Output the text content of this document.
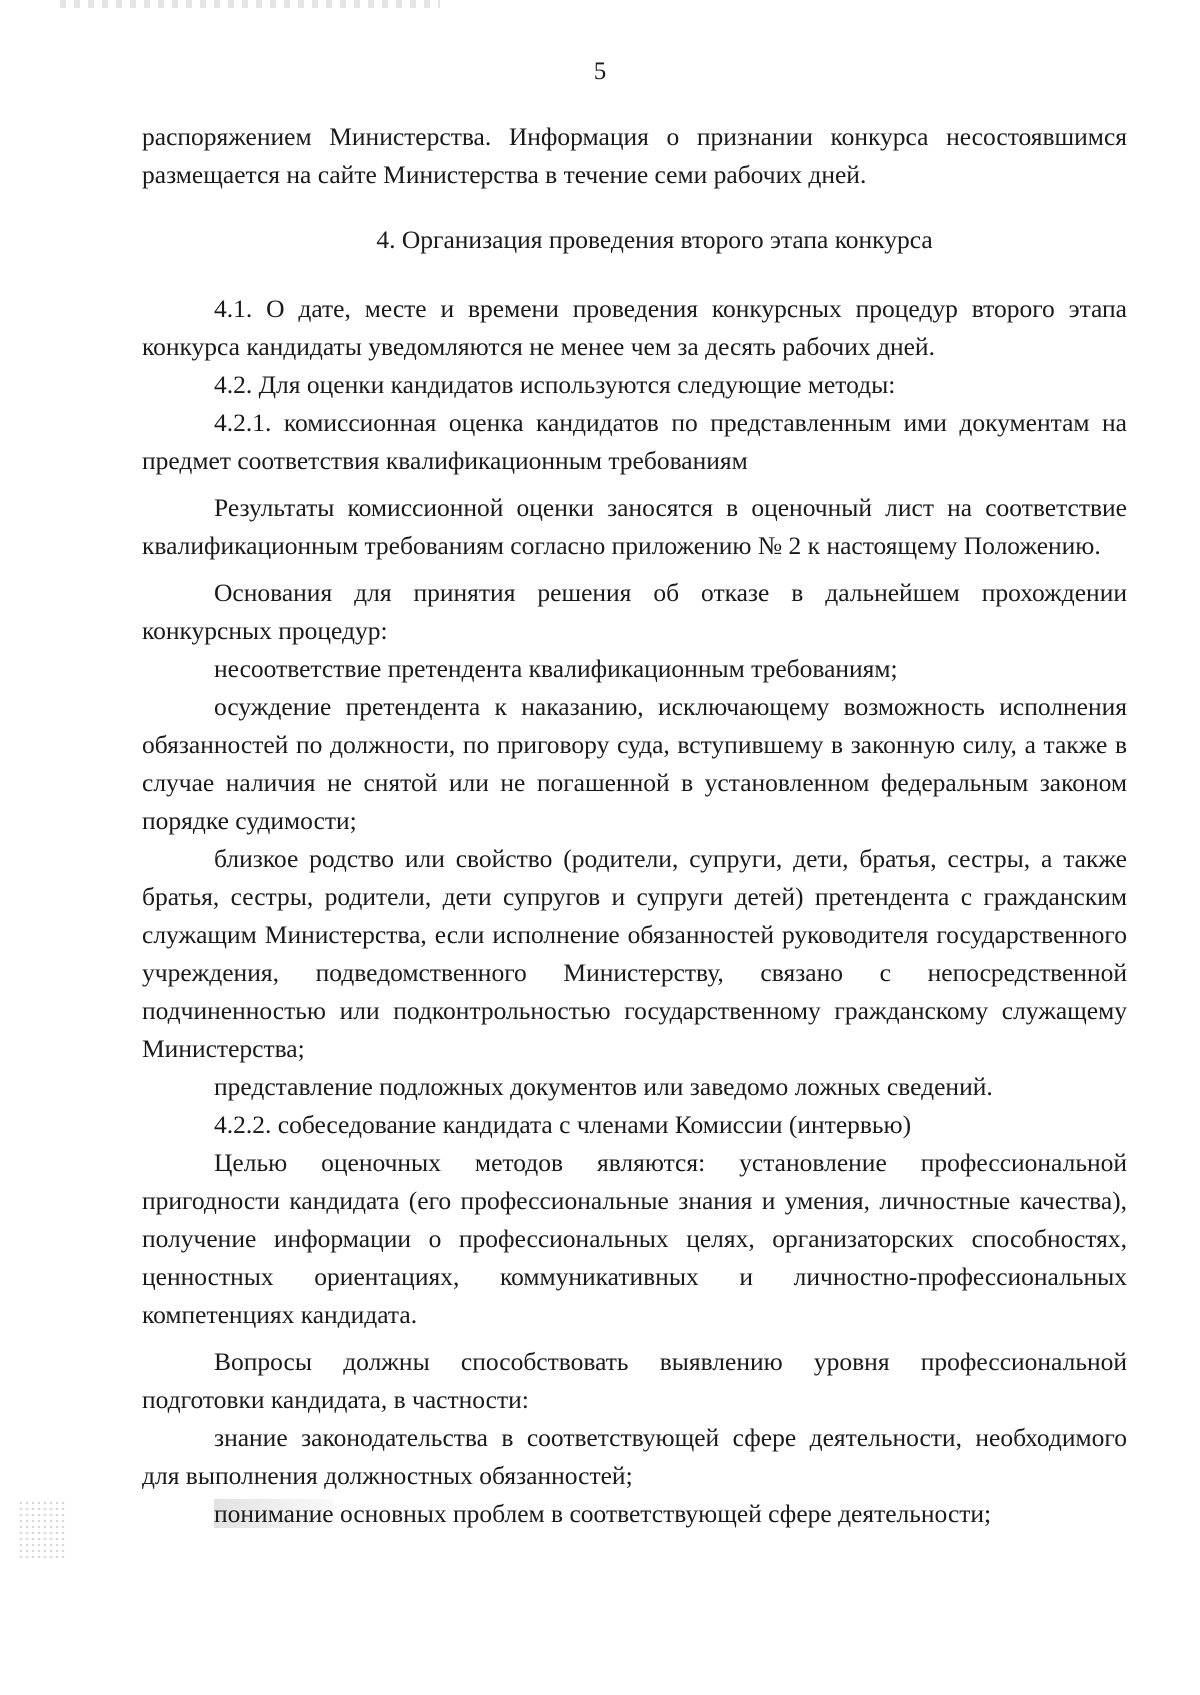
5

распоряжением Министерства. Информация о признании конкурса несостоявшимся размещается на сайте Министерства в течение семи рабочих дней.

4. Организация проведения второго этапа конкурса

4.1. О дате, месте и времени проведения конкурсных процедур второго этапа конкурса кандидаты уведомляются не менее чем за десять рабочих дней.

4.2. Для оценки кандидатов используются следующие методы:

4.2.1. комиссионная оценка кандидатов по представленным ими документам на предмет соответствия квалификационным требованиям

Результаты комиссионной оценки заносятся в оценочный лист на соответствие квалификационным требованиям согласно приложению № 2 к настоящему Положению.

Основания для принятия решения об отказе в дальнейшем прохождении конкурсных процедур:

несоответствие претендента квалификационным требованиям;

осуждение претендента к наказанию, исключающему возможность исполнения обязанностей по должности, по приговору суда, вступившему в законную силу, а также в случае наличия не снятой или не погашенной в установленном федеральным законом порядке судимости;

близкое родство или свойство (родители, супруги, дети, братья, сестры, а также братья, сестры, родители, дети супругов и супруги детей) претендента с гражданским служащим Министерства, если исполнение обязанностей руководителя государственного учреждения, подведомственного Министерству, связано с непосредственной подчиненностью или подконтрольностью государственному гражданскому служащему Министерства;

представление подложных документов или заведомо ложных сведений.

4.2.2. собеседование кандидата с членами Комиссии (интервью)

Целью оценочных методов являются: установление профессиональной пригодности кандидата (его профессиональные знания и умения, личностные качества), получение информации о профессиональных целях, организаторских способностях, ценностных ориентациях, коммуникативных и личностно-профессиональных компетенциях кандидата.

Вопросы должны способствовать выявлению уровня профессиональной подготовки кандидата, в частности:

знание законодательства в соответствующей сфере деятельности, необходимого для выполнения должностных обязанностей;

понимание основных проблем в соответствующей сфере деятельности;
